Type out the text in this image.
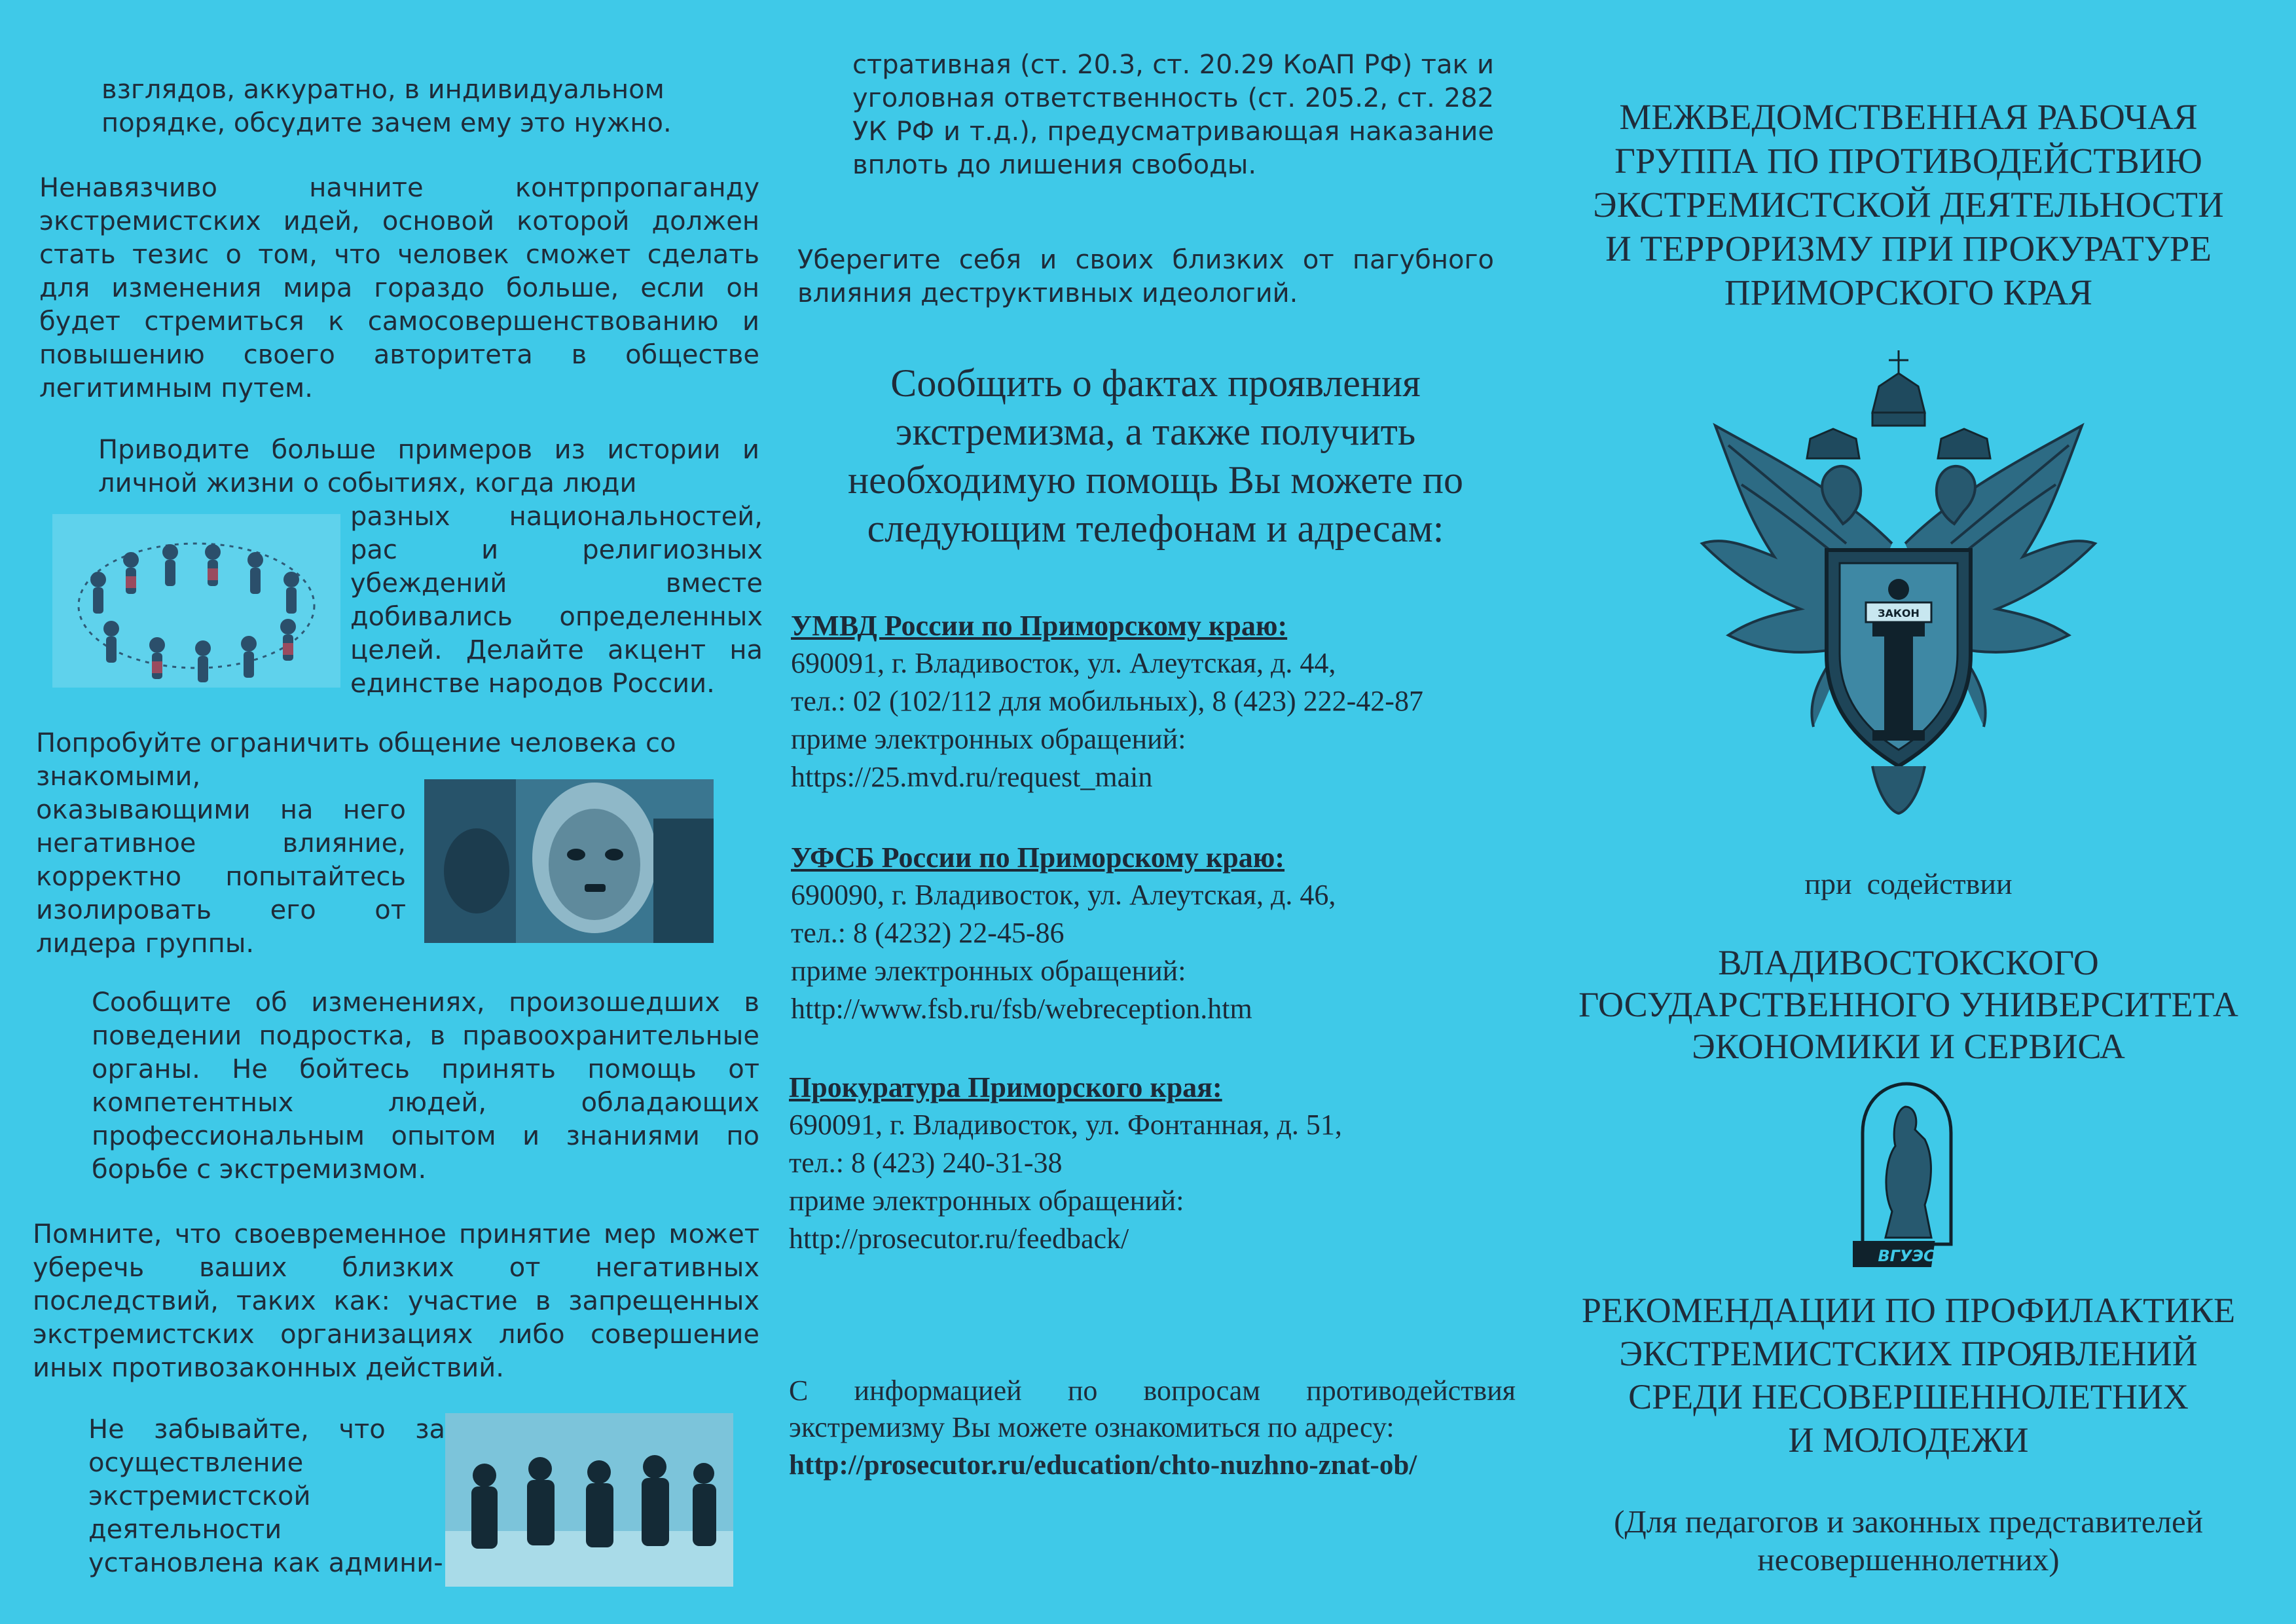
взглядов, аккуратно, в индивидуальном порядке, обсудите зачем ему это нужно.

Ненавязчиво начните контрпропаганду экстремистских идей, основой которой должен стать тезис о том, что человек сможет сделать для изменения мира гораздо больше, если он будет стремиться к самосовершенствованию и повышению своего авторитета в обществе легитимным путем.

Приводите больше примеров из истории и личной жизни о событиях, когда люди

разных национальностей, рас и религиозных убеждений вместе добивались определенных целей. Делайте акцент на единстве народов России.

Попробуйте ограничить общение человека со

знакомыми, оказывающими на него негативное влияние, корректно попытайтесь изолировать его от лидера группы.

Сообщите об изменениях, произошедших в поведении подростка, в правоохранительные органы. Не бойтесь принять помощь от компетентных людей, обладающих профессиональным опытом и знаниями по борьбе с экстремизмом.

Помните, что своевременное принятие мер может уберечь ваших близких от негативных последствий, таких как: участие в запрещенных экстремистских организациях либо совершение иных противозаконных действий.

Не забывайте, что за осуществление экстремистской деятельности установлена как админи-

стративная (ст. 20.3, ст. 20.29 КоАП РФ) так и уголовная ответственность (ст. 205.2, ст. 282 УК РФ и т.д.), предусматривающая наказание вплоть до лишения свободы.

Уберегите себя и своих близких от пагубного влияния деструктивных идеологий.

Сообщить о фактах проявления экстремизма, а также получить необходимую помощь Вы можете по следующим телефонам и адресам:

УМВД России по Приморскому краю:
690091, г. Владивосток, ул. Алеутская, д. 44,
тел.: 02 (102/112 для мобильных), 8 (423) 222-42-87
приме электронных обращений:
https://25.mvd.ru/request_main
УФСБ России по Приморскому краю:
690090, г. Владивосток, ул. Алеутская, д. 46,
тел.: 8 (4232) 22-45-86
приме электронных обращений:
http://www.fsb.ru/fsb/webreception.htm
Прокуратура Приморского края:
690091, г. Владивосток, ул. Фонтанная, д. 51,
тел.: 8 (423) 240-31-38
приме электронных обращений:
http://prosecutor.ru/feedback/

С информацией по вопросам противодействия экстремизму Вы можете ознакомиться по адресу:

http://prosecutor.ru/education/chto-nuzhno-znat-ob/

МЕЖВЕДОМСТВЕННАЯ РАБОЧАЯ
ГРУППА ПО ПРОТИВОДЕЙСТВИЮ
ЭКСТРЕМИСТСКОЙ ДЕЯТЕЛЬНОСТИ
И ТЕРРОРИЗМУ ПРИ ПРОКУРАТУРЕ
ПРИМОРСКОГО КРАЯ
ЗАКОН
при  содействии
ВЛАДИВОСТОКСКОГО
ГОСУДАРСТВЕННОГО УНИВЕРСИТЕТА
ЭКОНОМИКИ И СЕРВИСА
ВГУЭС
РЕКОМЕНДАЦИИ ПО ПРОФИЛАКТИКЕ
ЭКСТРЕМИСТСКИХ ПРОЯВЛЕНИЙ
СРЕДИ НЕСОВЕРШЕННОЛЕТНИХ
И МОЛОДЕЖИ
(Для педагогов и законных представителей
несовершеннолетних)
